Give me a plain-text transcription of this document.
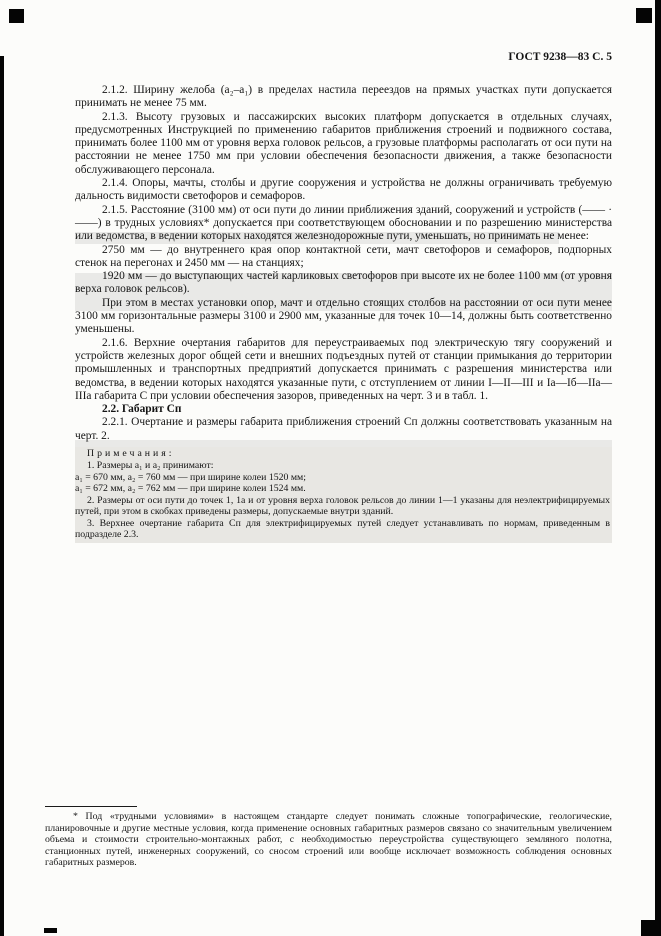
ГОСТ 9238—83 С. 5

2.1.2. Ширину желоба (a₂–a₁) в пределах настила переездов на прямых участках пути допускается принимать не менее 75 мм.

2.1.3. Высоту грузовых и пассажирских высоких платформ допускается в отдельных случаях, предусмотренных Инструкцией по применению габаритов приближения строений и подвижного состава, принимать более 1100 мм от уровня верха головок рельсов, а грузовые платформы располагать от оси пути на расстоянии не менее 1750 мм при условии обеспечения безопасности движения, а также безопасности обслуживающего персонала.

2.1.4. Опоры, мачты, столбы и другие сооружения и устройства не должны ограничивать требуемую дальность видимости светофоров и семафоров.

2.1.5. Расстояние (3100 мм) от оси пути до линии приближения зданий, сооружений и устройств (—— · ——) в трудных условиях* допускается при соответствующем обосновании и по разрешению министерства или ведомства, в ведении которых находятся железнодорожные пути, уменьшать, но принимать не менее:

2750 мм — до внутреннего края опор контактной сети, мачт светофоров и семафоров, подпорных стенок на перегонах и 2450 мм — на станциях;

1920 мм — до выступающих частей карликовых светофоров при высоте их не более 1100 мм (от уровня верха головок рельсов).

При этом в местах установки опор, мачт и отдельно стоящих столбов на расстоянии от оси пути менее 3100 мм горизонтальные размеры 3100 и 2900 мм, указанные для точек 10—14, должны быть соответственно уменьшены.

2.1.6. Верхние очертания габаритов для переустраиваемых под электрическую тягу сооружений и устройств железных дорог общей сети и внешних подъездных путей от станции примыкания до территории промышленных и транспортных предприятий допускается принимать с разрешения министерства или ведомства, в ведении которых находятся указанные пути, с отступлением от линии I—II—III и Iа—Iб—IIа—IIIа габарита С при условии обеспечения зазоров, приведенных на черт. 3 и в табл. 1.

2.2. Габарит Сп

2.2.1. Очертание и размеры габарита приближения строений Сп должны соответствовать указанным на черт. 2.

Примечания:

1. Размеры a₁ и a₂ принимают:

a₁ = 670 мм, a₂ = 760 мм — при ширине колеи 1520 мм;

a₁ = 672 мм, a₂ = 762 мм — при ширине колеи 1524 мм.

2. Размеры от оси пути до точек 1, 1а и от уровня верха головок рельсов до линии 1—1 указаны для неэлектрифицируемых путей, при этом в скобках приведены размеры, допускаемые внутри зданий.

3. Верхнее очертание габарита Сп для электрифицируемых путей следует устанавливать по нормам, приведенным в подразделе 2.3.

* Под «трудными условиями» в настоящем стандарте следует понимать сложные топографические, геологические, планировочные и другие местные условия, когда применение основных габаритных размеров связано со значительным увеличением объема и стоимости строительно-монтажных работ, с необходимостью переустройства существующего земляного полотна, станционных путей, инженерных сооружений, со сносом строений или вообще исключает возможность соблюдения основных габаритных размеров.
